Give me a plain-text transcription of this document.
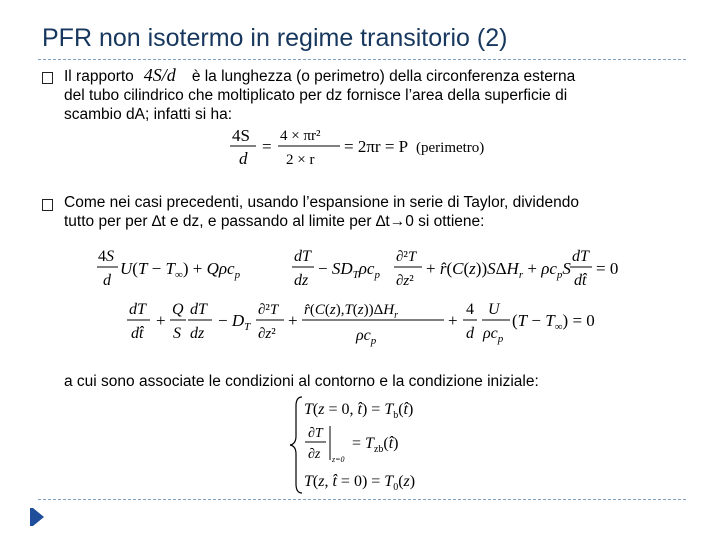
PFR non isotermo in regime transitorio (2)
Il rapporto 4S/d è la lunghezza (o perimetro) della circonferenza esterna
del tubo cilindrico che moltiplicato per dz fornisce l’area della superficie di
scambio dA; infatti si ha:
4S
d
=
4 × πr²
2 × r
= 2πr = P (perimetro)
Come nei casi precedenti, usando l’espansione in serie di Taylor, dividendo
tutto per per ∆t e dz, e passando al limite per ∆t→0 si ottiene:
4S
d
$U(T - T_\infty) + Q\rho c_p$
dT
dz
− $SD_T\rho c_p$
∂²T
∂z²
+ $r̂(C(z))S\Delta H_r + \rho c_pS$
dT
dt̂
= 0
dT
dt̂
+
Q
S
dT
dz
− $D_T$
∂²T
∂z²
+
$r̂(C(z),T(z))\Delta H_r$
$\rho c_p$
+
4
d
U
$\rho c_p$
$(T - T_\infty) = 0$
a cui sono associate le condizioni al contorno e la condizione iniziale:
T(z = 0, t̂) = $T_b(t̂)$
∂T
∂z z=0
= $T_{zb}(t̂)$
T(z, t̂ = $0) = T_0(z)$
